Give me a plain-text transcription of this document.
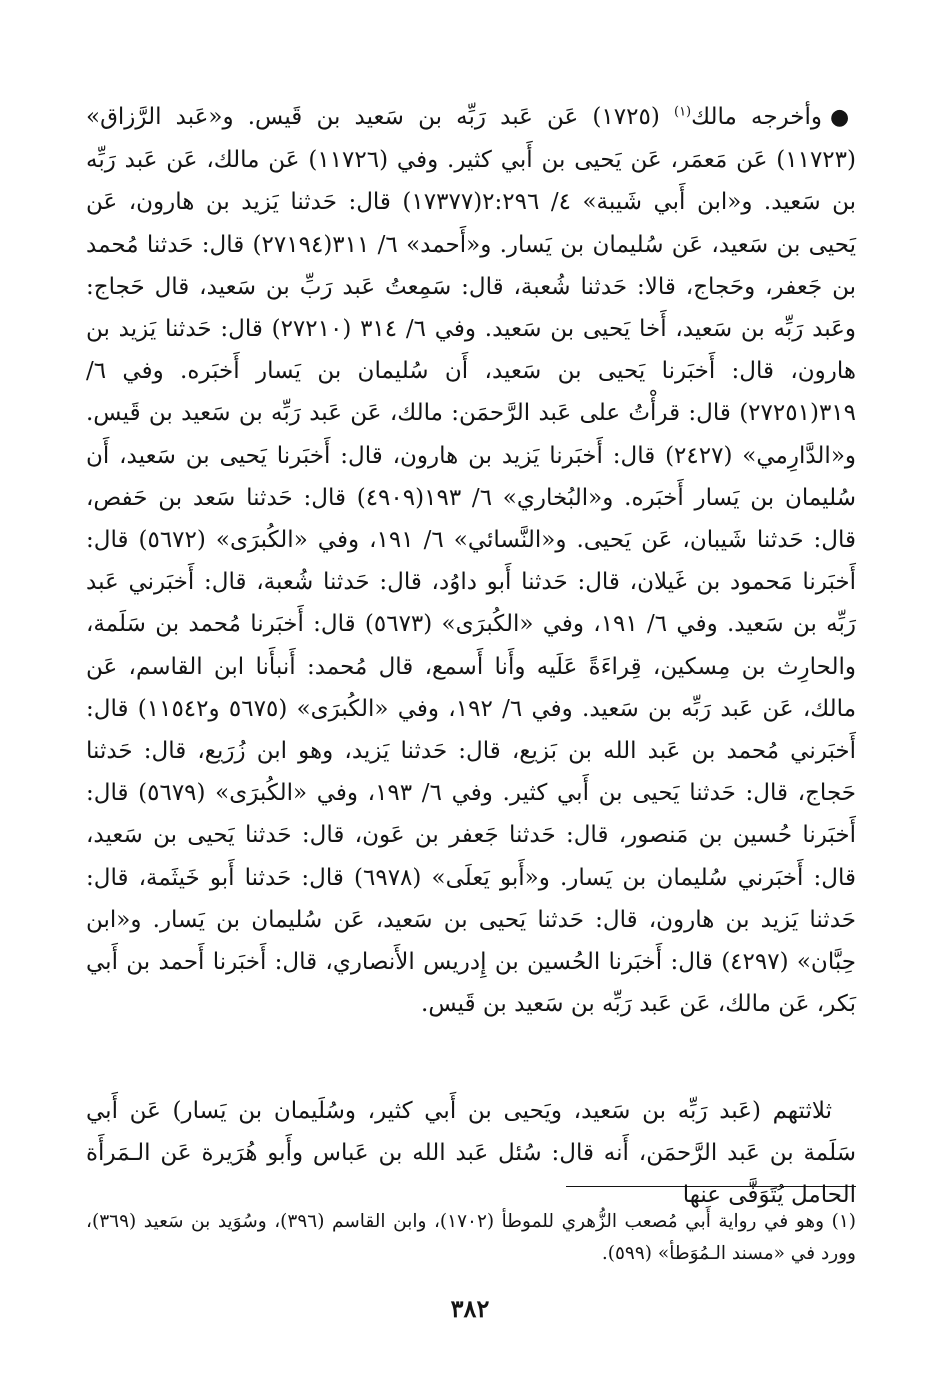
●وأخرجه مالك$^{(١)}$ (١٧٢٥) عَن عَبد رَبِّه بن سَعيد بن قَيس. و«عَبد الرَّزاق» (١١٧٢٣) عَن مَعمَر، عَن يَحيى بن أَبي كثير. وفي (١١٧٢٦) عَن مالك، عَن عَبد رَبِّه بن سَعيد. و«ابن أَبي شَيبة» ٤/ ٢:٢٩٦(١٧٣٧٧) قال: حَدثنا يَزيد بن هارون، عَن يَحيى بن سَعيد، عَن سُليمان بن يَسار. و«أَحمد» ٦/ ٣١١(٢٧١٩٤) قال: حَدثنا مُحمد بن جَعفر، وحَجاج، قالا: حَدثنا شُعبة، قال: سَمِعتُ عَبد رَبِّ بن سَعيد، قال حَجاج: وعَبد رَبِّه بن سَعيد، أَخا يَحيى بن سَعيد. وفي ٦/ ٣١٤ (٢٧٢١٠) قال: حَدثنا يَزيد بن هارون، قال: أَخبَرنا يَحيى بن سَعيد، أَن سُليمان بن يَسار أَخبَره. وفي ٦/ ٣١٩(٢٧٢٥١) قال: قرأْتُ على عَبد الرَّحمَن: مالك، عَن عَبد رَبِّه بن سَعيد بن قَيس. و«الدَّارِمي» (٢٤٢٧) قال: أَخبَرنا يَزيد بن هارون، قال: أَخبَرنا يَحيى بن سَعيد، أَن سُليمان بن يَسار أَخبَره. و«البُخاري» ٦/ ١٩٣(٤٩٠٩) قال: حَدثنا سَعد بن حَفص، قال: حَدثنا شَيبان، عَن يَحيى. و«النَّسائي» ٦/ ١٩١، وفي «الكُبرَى» (٥٦٧٢) قال: أَخبَرنا مَحمود بن غَيلان، قال: حَدثنا أَبو داوُد، قال: حَدثنا شُعبة، قال: أَخبَرني عَبد رَبِّه بن سَعيد. وفي ٦/ ١٩١، وفي «الكُبرَى» (٥٦٧٣) قال: أَخبَرنا مُحمد بن سَلَمة، والحارِث بن مِسكين، قِراءَةً عَلَيه وأَنا أَسمع، قال مُحمد: أَنبأَنا ابن القاسم، عَن مالك، عَن عَبد رَبِّه بن سَعيد. وفي ٦/ ١٩٢، وفي «الكُبرَى» (٥٦٧٥ و١١٥٤٢) قال: أَخبَرني مُحمد بن عَبد الله بن بَزيع، قال: حَدثنا يَزيد، وهو ابن زُرَيع، قال: حَدثنا حَجاج، قال: حَدثنا يَحيى بن أَبي كثير. وفي ٦/ ١٩٣، وفي «الكُبرَى» (٥٦٧٩) قال: أَخبَرنا حُسين بن مَنصور، قال: حَدثنا جَعفر بن عَون، قال: حَدثنا يَحيى بن سَعيد، قال: أَخبَرني سُليمان بن يَسار. و«أَبو يَعلَى» (٦٩٧٨) قال: حَدثنا أَبو خَيثَمة، قال: حَدثنا يَزيد بن هارون، قال: حَدثنا يَحيى بن سَعيد، عَن سُليمان بن يَسار. و«ابن حِبَّان» (٤٢٩٧) قال: أَخبَرنا الحُسين بن إِدريس الأَنصاري، قال: أَخبَرنا أَحمد بن أَبي بَكر، عَن مالك، عَن عَبد رَبِّه بن سَعيد بن قَيس.

ثلاثتهم (عَبد رَبِّه بن سَعيد، ويَحيى بن أَبي كثير، وسُلَيمان بن يَسار) عَن أَبي سَلَمة بن عَبد الرَّحمَن، أَنه قال: سُئل عَبد الله بن عَباس وأَبو هُرَيرة عَن الـمَرأَة الحامل يُتَوَفَّى عنها

(١) وهو في رواية أَبي مُصعب الزُّهري للموطأ (١٧٠٢)، وابن القاسم (٣٩٦)، وسُوَيد بن سَعيد (٣٦٩)، وورد في «مسند الـمُوَطأ» (٥٩٩).

٣٨٢
